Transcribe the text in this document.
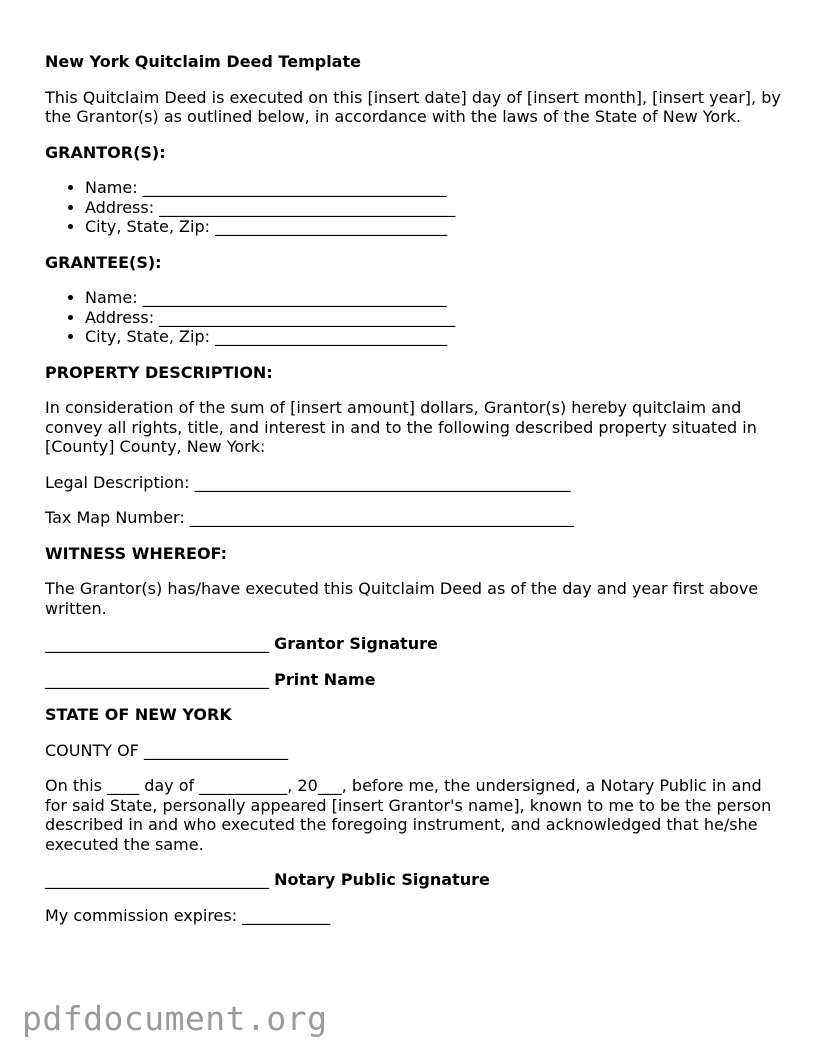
New York Quitclaim Deed Template

This Quitclaim Deed is executed on this [insert date] day of [insert month], [insert year], by the Grantor(s) as outlined below, in accordance with the laws of the State of New York.

GRANTOR(S):
• Name: ______________________________________
• Address: _____________________________________
• City, State, Zip: _____________________________
GRANTEE(S):
• Name: ______________________________________
• Address: _____________________________________
• City, State, Zip: _____________________________
PROPERTY DESCRIPTION:

In consideration of the sum of [insert amount] dollars, Grantor(s) hereby quitclaim and convey all rights, title, and interest in and to the following described property situated in [County] County, New York:

Legal Description: _______________________________________________

Tax Map Number: ________________________________________________

WITNESS WHEREOF:

The Grantor(s) has/have executed this Quitclaim Deed as of the day and year first above written.

____________________________ Grantor Signature

____________________________ Print Name

STATE OF NEW YORK

COUNTY OF __________________

On this ____ day of ___________, 20___, before me, the undersigned, a Notary Public in and for said State, personally appeared [insert Grantor's name], known to me to be the person described in and who executed the foregoing instrument, and acknowledged that he/she executed the same.

____________________________ Notary Public Signature

My commission expires: ___________

pdfdocument.org
